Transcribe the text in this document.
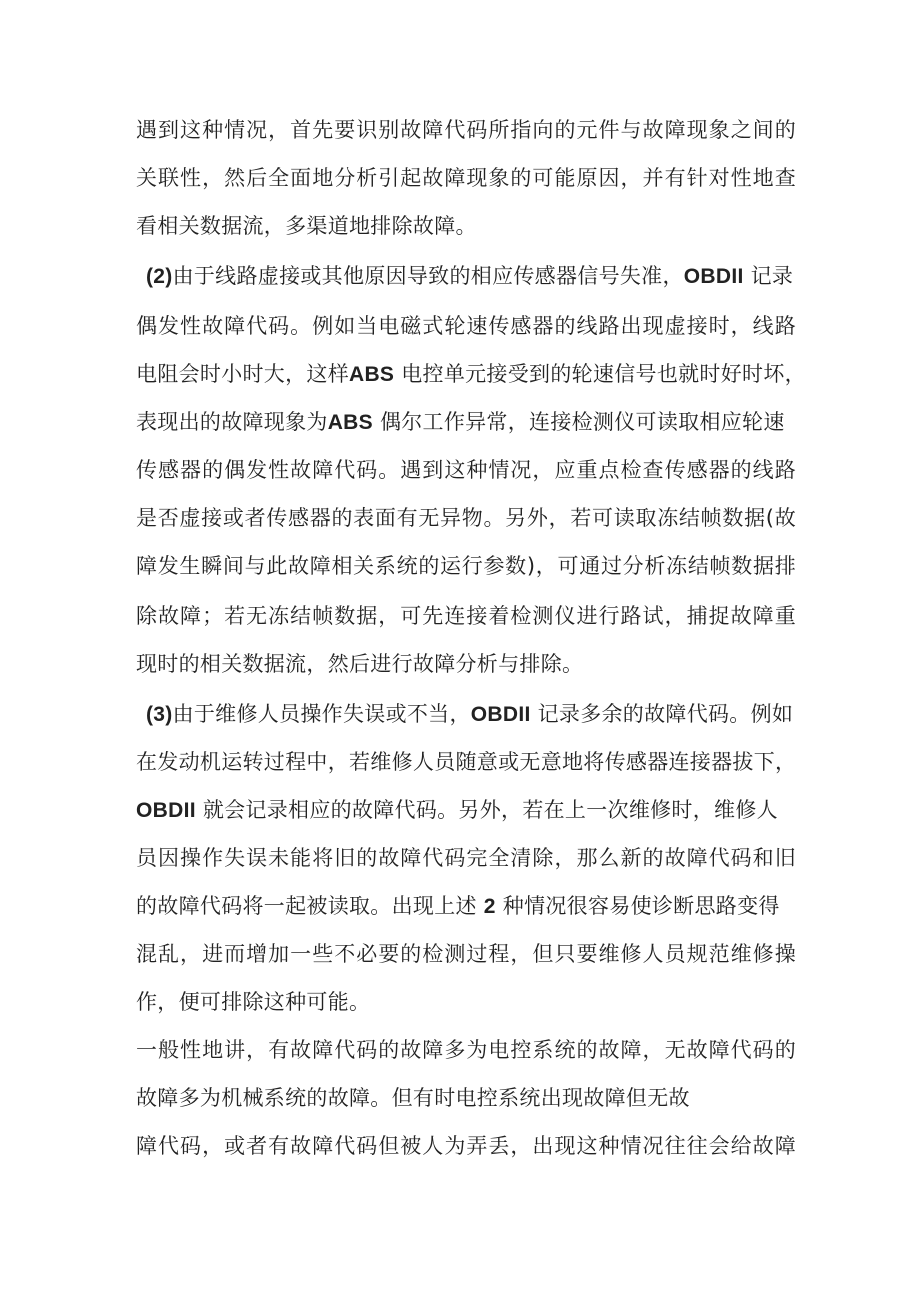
遇到这种情况，首先要识别故障代码所指向的元件与故障现象之间的
关联性，然后全面地分析引起故障现象的可能原因，并有针对性地查
看相关数据流，多渠道地排除故障。
(2)由于线路虚接或其他原因导致的相应传感器信号失准，OBDII 记录
偶发性故障代码。例如当电磁式轮速传感器的线路出现虚接时，线路
电阻会时小时大，这样ABS 电控单元接受到的轮速信号也就时好时坏，
表现出的故障现象为ABS 偶尔工作异常，连接检测仪可读取相应轮速
传感器的偶发性故障代码。遇到这种情况，应重点检查传感器的线路
是否虚接或者传感器的表面有无异物。另外，若可读取冻结帧数据(故
障发生瞬间与此故障相关系统的运行参数)，可通过分析冻结帧数据排
除故障；若无冻结帧数据，可先连接着检测仪进行路试，捕捉故障重
现时的相关数据流，然后进行故障分析与排除。
(3)由于维修人员操作失误或不当，OBDII 记录多余的故障代码。例如
在发动机运转过程中，若维修人员随意或无意地将传感器连接器拔下，
OBDII 就会记录相应的故障代码。另外，若在上一次维修时，维修人
员因操作失误未能将旧的故障代码完全清除，那么新的故障代码和旧
的故障代码将一起被读取。出现上述 2 种情况很容易使诊断思路变得
混乱，进而增加一些不必要的检测过程，但只要维修人员规范维修操
作，便可排除这种可能。
一般性地讲，有故障代码的故障多为电控系统的故障，无故障代码的
故障多为机械系统的故障。但有时电控系统出现故障但无故
障代码，或者有故障代码但被人为弄丢，出现这种情况往往会给故障
